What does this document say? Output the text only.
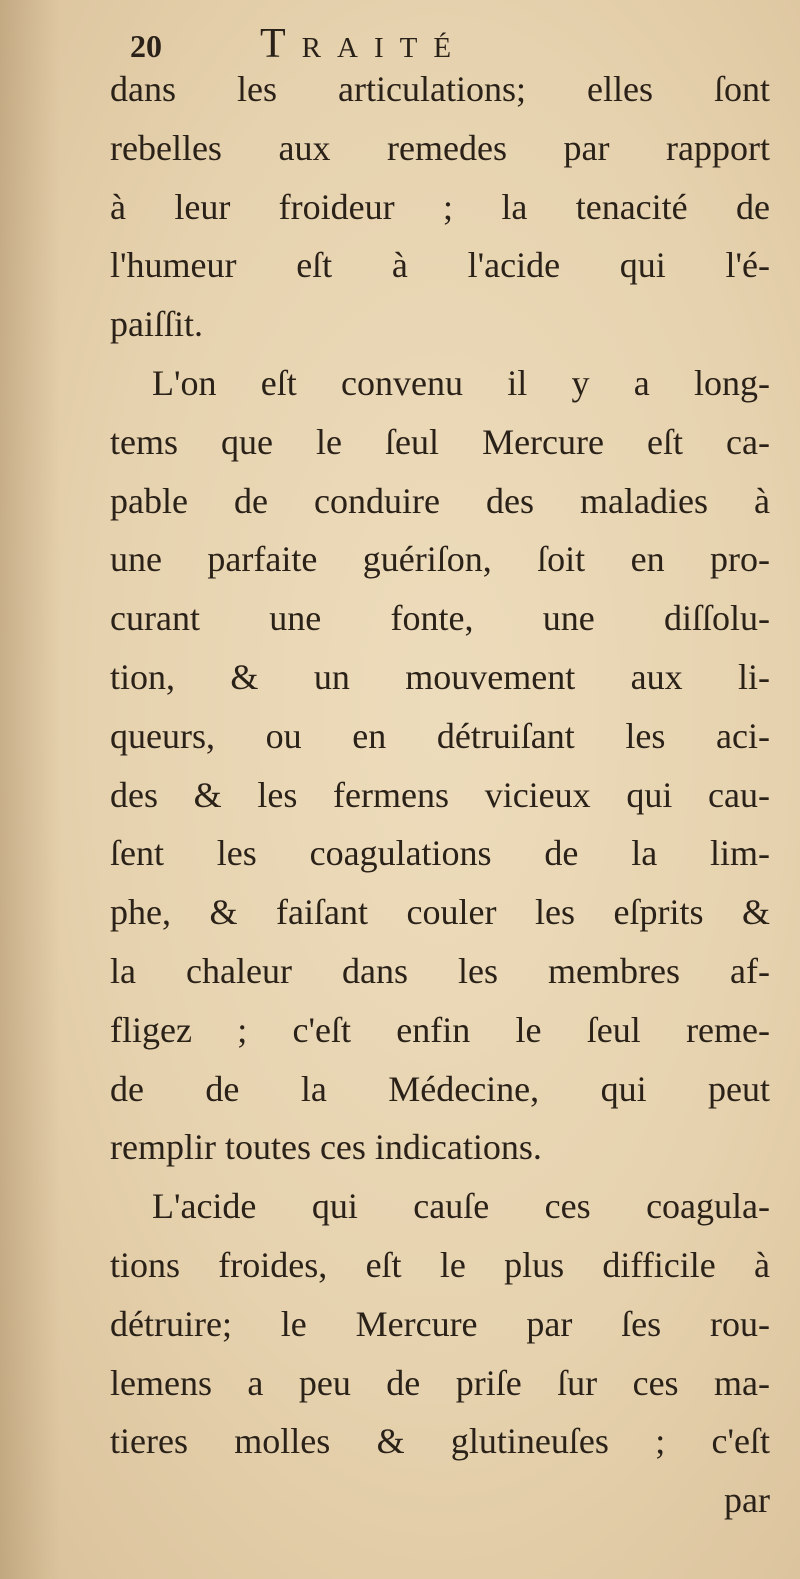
20 Traité
dans les articulations; elles ſont
rebelles aux remedes par rapport
à leur froideur ; la tenacité de
l'humeur eſt à l'acide qui l'é-
paiſſit.
L'on eſt convenu il y a long-
tems que le ſeul Mercure eſt ca-
pable de conduire des maladies à
une parfaite guériſon, ſoit en pro-
curant une fonte, une diſſolu-
tion, & un mouvement aux li-
queurs, ou en détruiſant les aci-
des & les fermens vicieux qui cau-
ſent les coagulations de la lim-
phe, & faiſant couler les eſprits &
la chaleur dans les membres af-
fligez ; c'eſt enfin le ſeul reme-
de de la Médecine, qui peut
remplir toutes ces indications.
L'acide qui cauſe ces coagula-
tions froides, eſt le plus difficile à
détruire; le Mercure par ſes rou-
lemens a peu de priſe ſur ces ma-
tieres molles & glutineuſes ; c'eſt
par
